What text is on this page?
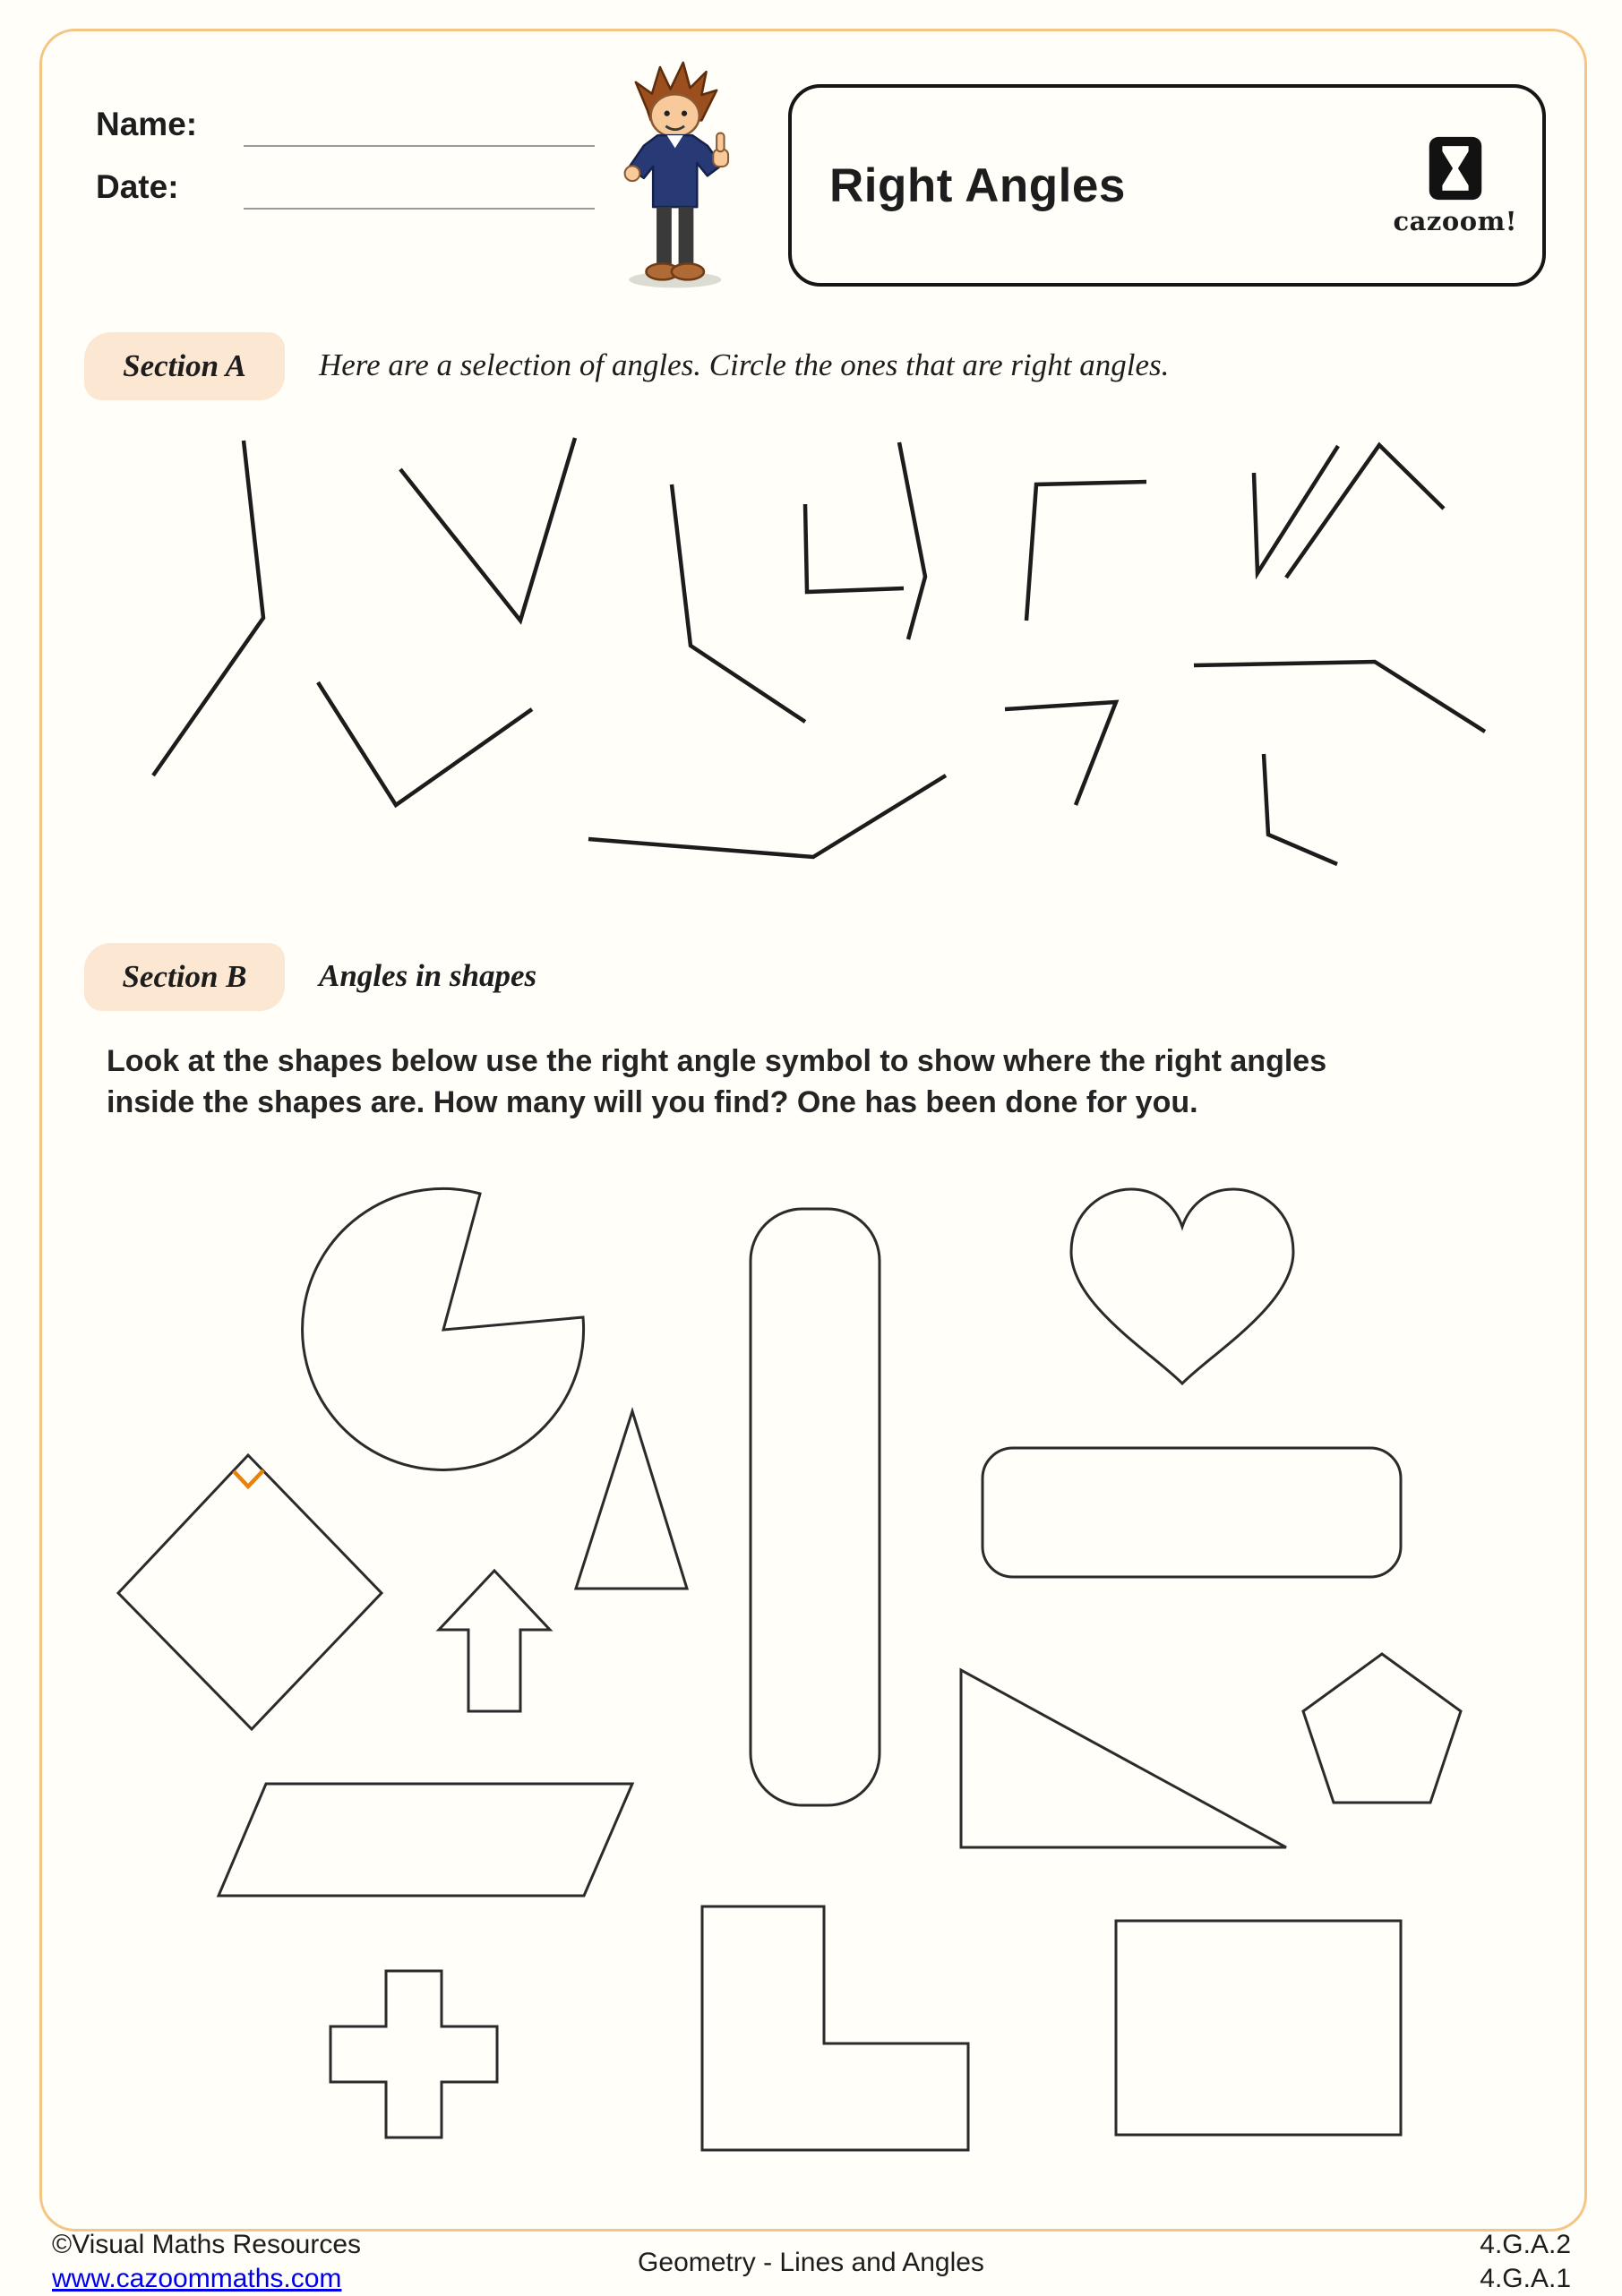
Name:
Date:	Right Angles
cazoom!
Section A	Here are a selection of angles. Circle the ones that are right angles.
Section B	Angles in shapes
Look at the shapes below use the right angle symbol to show where the right angles
inside the shapes are. How many will you find? One has been done for you.
©Visual Maths Resources
www.cazoommaths.com
Geometry - Lines and Angles
4.G.A.2
4.G.A.1
